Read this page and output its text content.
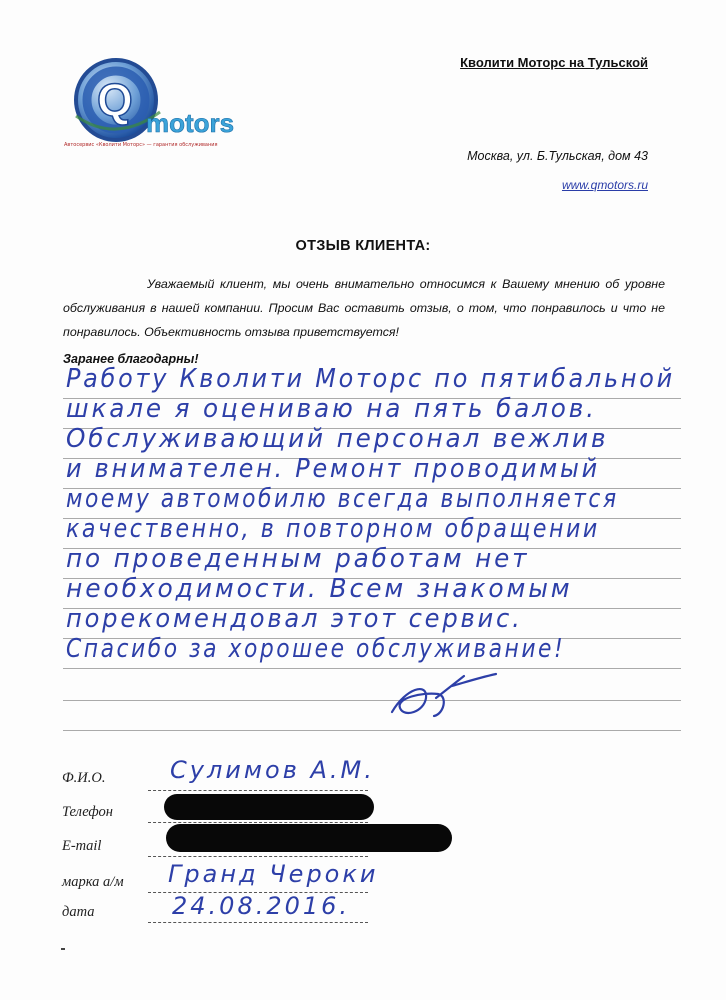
Q motors
Автосервис «Кволити Моторс» — гарантия обслуживания
Кволити Моторс на Тульской
Москва, ул. Б.Тульская, дом 43
www.qmotors.ru
ОТЗЫВ КЛИЕНТА:
Уважаемый клиент, мы очень внимательно относимся к Вашему мнению об уровне обслуживания в нашей компании. Просим Вас оставить отзыв, о том, что понравилось и что не понравилось. Объективность отзыва приветствуется!
Заранее благодарны!
Работу Кволити Моторс по пятибальной
шкале я оцениваю на пять балов.
Обслуживающий персонал вежлив
и внимателен. Ремонт проводимый
моему автомобилю всегда выполняется
качественно, в повторном обращении
по проведенным работам нет
необходимости. Всем знакомым
порекомендовал этот сервис.
Спасибо за хорошее обслуживание!
Ф.И.О.	Сулимов А.М.
Телефон
E-mail
марка а/м Гранд Чероки
дата	24.08.2016.
